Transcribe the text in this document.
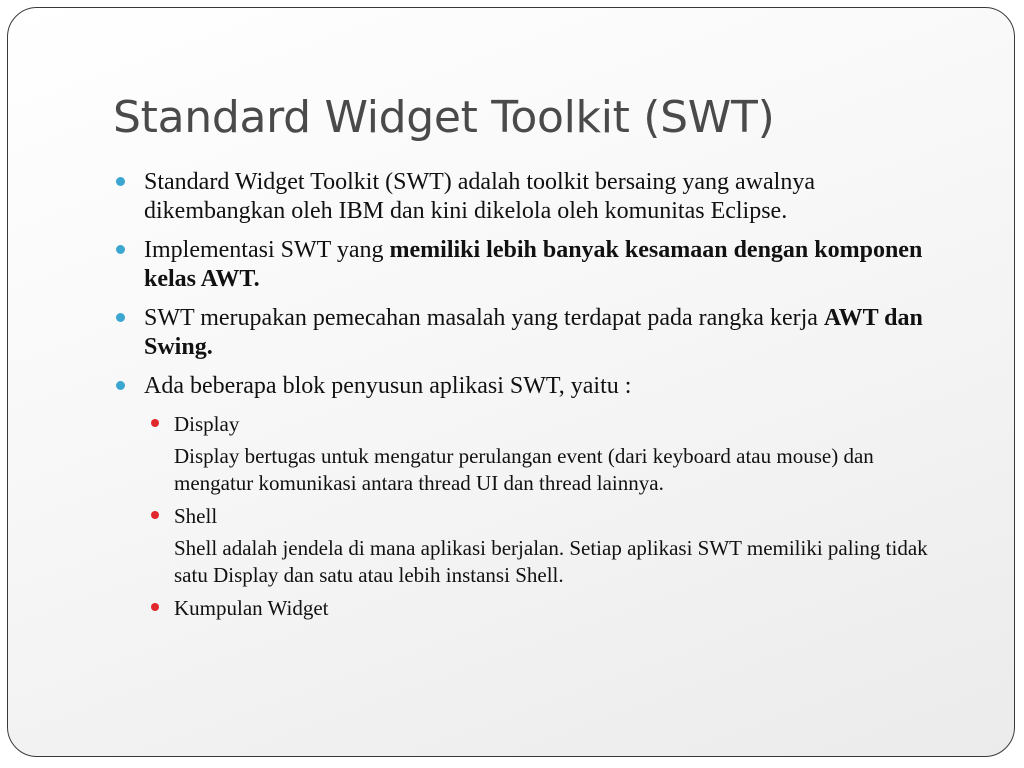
Standard Widget Toolkit (SWT)

Standard Widget Toolkit (SWT) adalah toolkit bersaing yang awalnya dikembangkan oleh IBM dan kini dikelola oleh komunitas Eclipse.

Implementasi SWT yang memiliki lebih banyak kesamaan dengan komponen kelas AWT.

SWT merupakan pemecahan masalah yang terdapat pada rangka kerja AWT dan Swing.

Ada beberapa blok penyusun aplikasi SWT, yaitu :

Display

Display bertugas untuk mengatur perulangan event (dari keyboard atau mouse) dan mengatur komunikasi antara thread UI dan thread lainnya.

Shell

Shell adalah jendela di mana aplikasi berjalan. Setiap aplikasi SWT memiliki paling tidak satu Display dan satu atau lebih instansi Shell.

Kumpulan Widget
